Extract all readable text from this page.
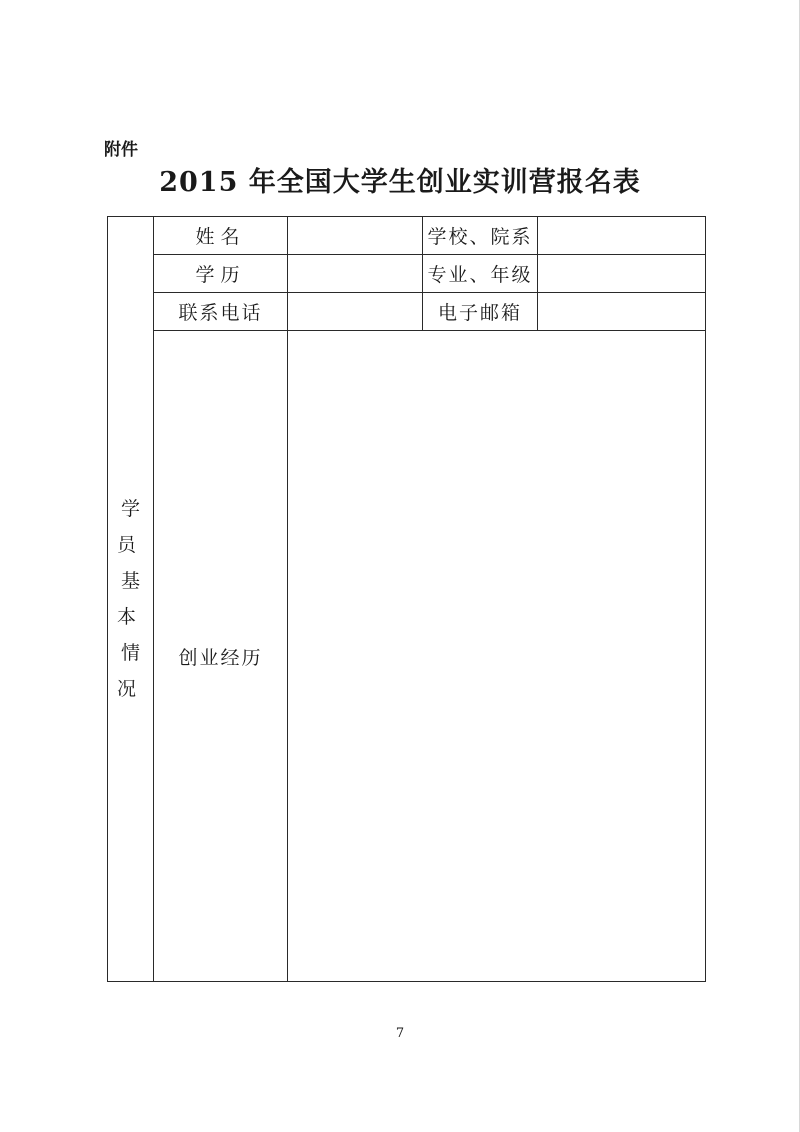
附件
2015 年全国大学生创业实训营报名表
学员
基本
情况	姓名		学校、院系	
	学历		专业、年级	
	联系电话		电子邮箱	
	创业经历			
7
